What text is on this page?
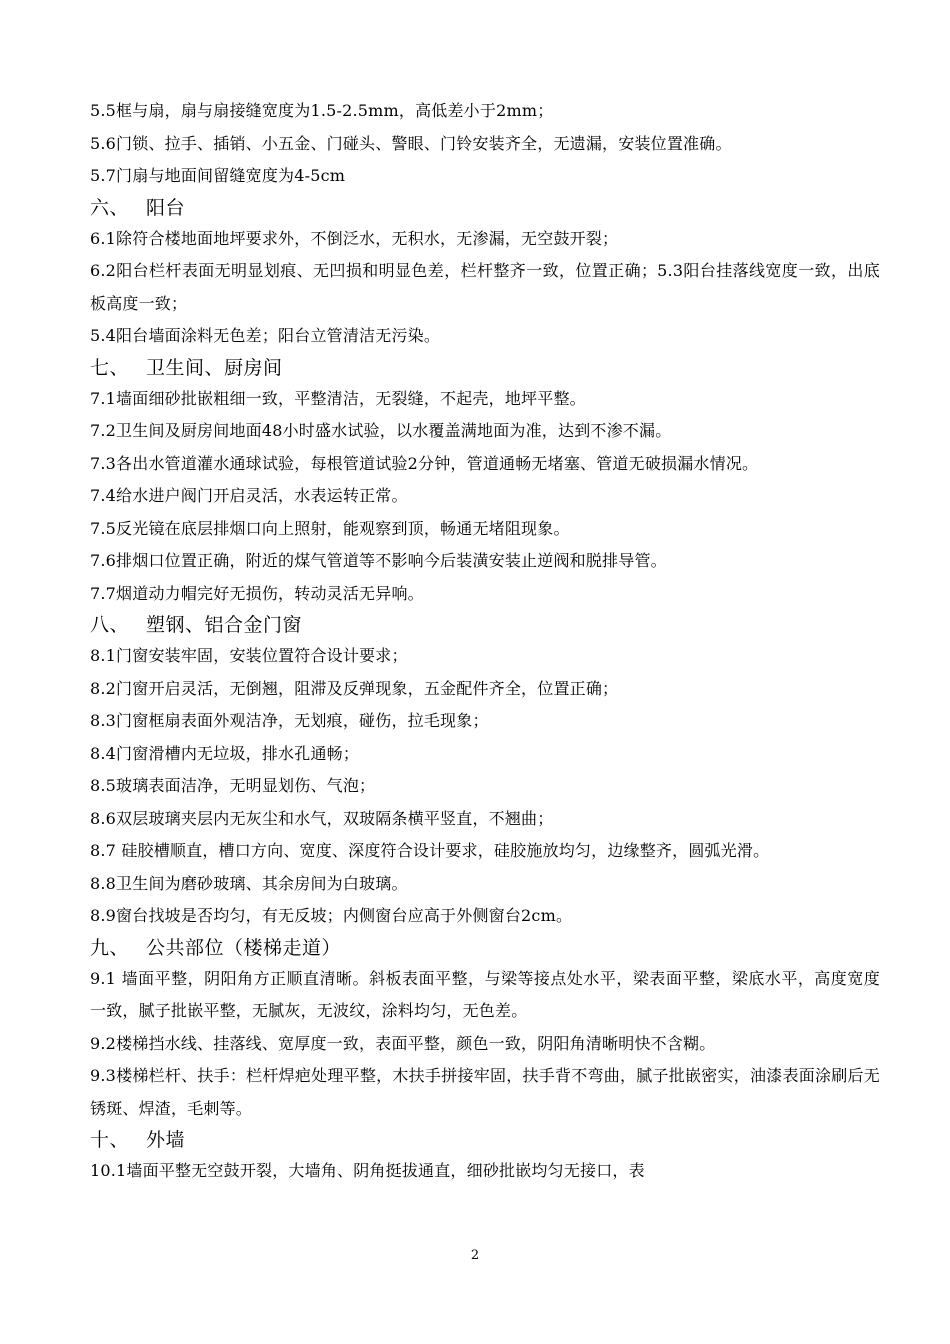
5.5框与扇，扇与扇接缝宽度为1.5-2.5mm，高低差小于2mm；

5.6门锁、拉手、插销、小五金、门碰头、警眼、门铃安装齐全，无遗漏，安装位置准确。

5.7门扇与地面间留缝宽度为4-5cm

六、 阳台

6.1除符合楼地面地坪要求外，不倒泛水，无积水，无渗漏，无空鼓开裂；

6.2阳台栏杆表面无明显划痕、无凹损和明显色差，栏杆整齐一致，位置正确；5.3阳台挂落线宽度一致，出底板高度一致；

5.4阳台墙面涂料无色差；阳台立管清洁无污染。

七、 卫生间、厨房间

7.1墙面细砂批嵌粗细一致，平整清洁，无裂缝，不起壳，地坪平整。

7.2卫生间及厨房间地面48小时盛水试验，以水覆盖满地面为准，达到不渗不漏。

7.3各出水管道灌水通球试验，每根管道试验2分钟，管道通畅无堵塞、管道无破损漏水情况。

7.4给水进户阀门开启灵活，水表运转正常。

7.5反光镜在底层排烟口向上照射，能观察到顶，畅通无堵阻现象。

7.6排烟口位置正确，附近的煤气管道等不影响今后装潢安装止逆阀和脱排导管。

7.7烟道动力帽完好无损伤，转动灵活无异响。

八、 塑钢、铝合金门窗

8.1门窗安装牢固，安装位置符合设计要求；

8.2门窗开启灵活，无倒翘，阻滞及反弹现象，五金配件齐全，位置正确；

8.3门窗框扇表面外观洁净，无划痕，碰伤，拉毛现象；

8.4门窗滑槽内无垃圾，排水孔通畅；

8.5玻璃表面洁净，无明显划伤、气泡；

8.6双层玻璃夹层内无灰尘和水气，双玻隔条横平竖直，不翘曲；

8.7 硅胶槽顺直，槽口方向、宽度、深度符合设计要求，硅胶施放均匀，边缘整齐，圆弧光滑。

8.8卫生间为磨砂玻璃、其余房间为白玻璃。

8.9窗台找坡是否均匀，有无反坡；内侧窗台应高于外侧窗台2cm。

九、 公共部位（楼梯走道）

9.1 墙面平整，阴阳角方正顺直清晰。斜板表面平整，与梁等接点处水平，梁表面平整，梁底水平，高度宽度一致，腻子批嵌平整，无腻灰，无波纹，涂料均匀，无色差。

9.2楼梯挡水线、挂落线、宽厚度一致，表面平整，颜色一致，阴阳角清晰明快不含糊。

9.3楼梯栏杆、扶手：栏杆焊疤处理平整，木扶手拼接牢固，扶手背不弯曲，腻子批嵌密实，油漆表面涂刷后无锈斑、焊渣，毛刺等。

十、 外墙

10.1墙面平整无空鼓开裂，大墙角、阴角挺拔通直，细砂批嵌均匀无接口，表

2
